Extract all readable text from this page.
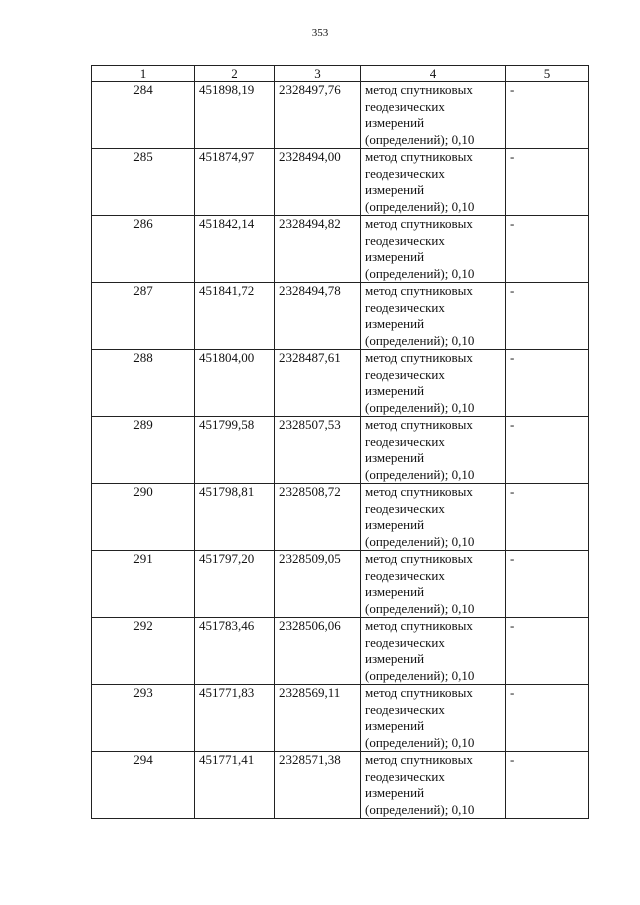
353
1	2	3	4	5
284	451898,19	2328497,76	метод спутниковых
геодезических
измерений
(определений); 0,10	-
285	451874,97	2328494,00	метод спутниковых
геодезических
измерений
(определений); 0,10	-
286	451842,14	2328494,82	метод спутниковых
геодезических
измерений
(определений); 0,10	-
287	451841,72	2328494,78	метод спутниковых
геодезических
измерений
(определений); 0,10	-
288	451804,00	2328487,61	метод спутниковых
геодезических
измерений
(определений); 0,10	-
289	451799,58	2328507,53	метод спутниковых
геодезических
измерений
(определений); 0,10	-
290	451798,81	2328508,72	метод спутниковых
геодезических
измерений
(определений); 0,10	-
291	451797,20	2328509,05	метод спутниковых
геодезических
измерений
(определений); 0,10	-
292	451783,46	2328506,06	метод спутниковых
геодезических
измерений
(определений); 0,10	-
293	451771,83	2328569,11	метод спутниковых
геодезических
измерений
(определений); 0,10	-
294	451771,41	2328571,38	метод спутниковых
геодезических
измерений
(определений); 0,10	-
